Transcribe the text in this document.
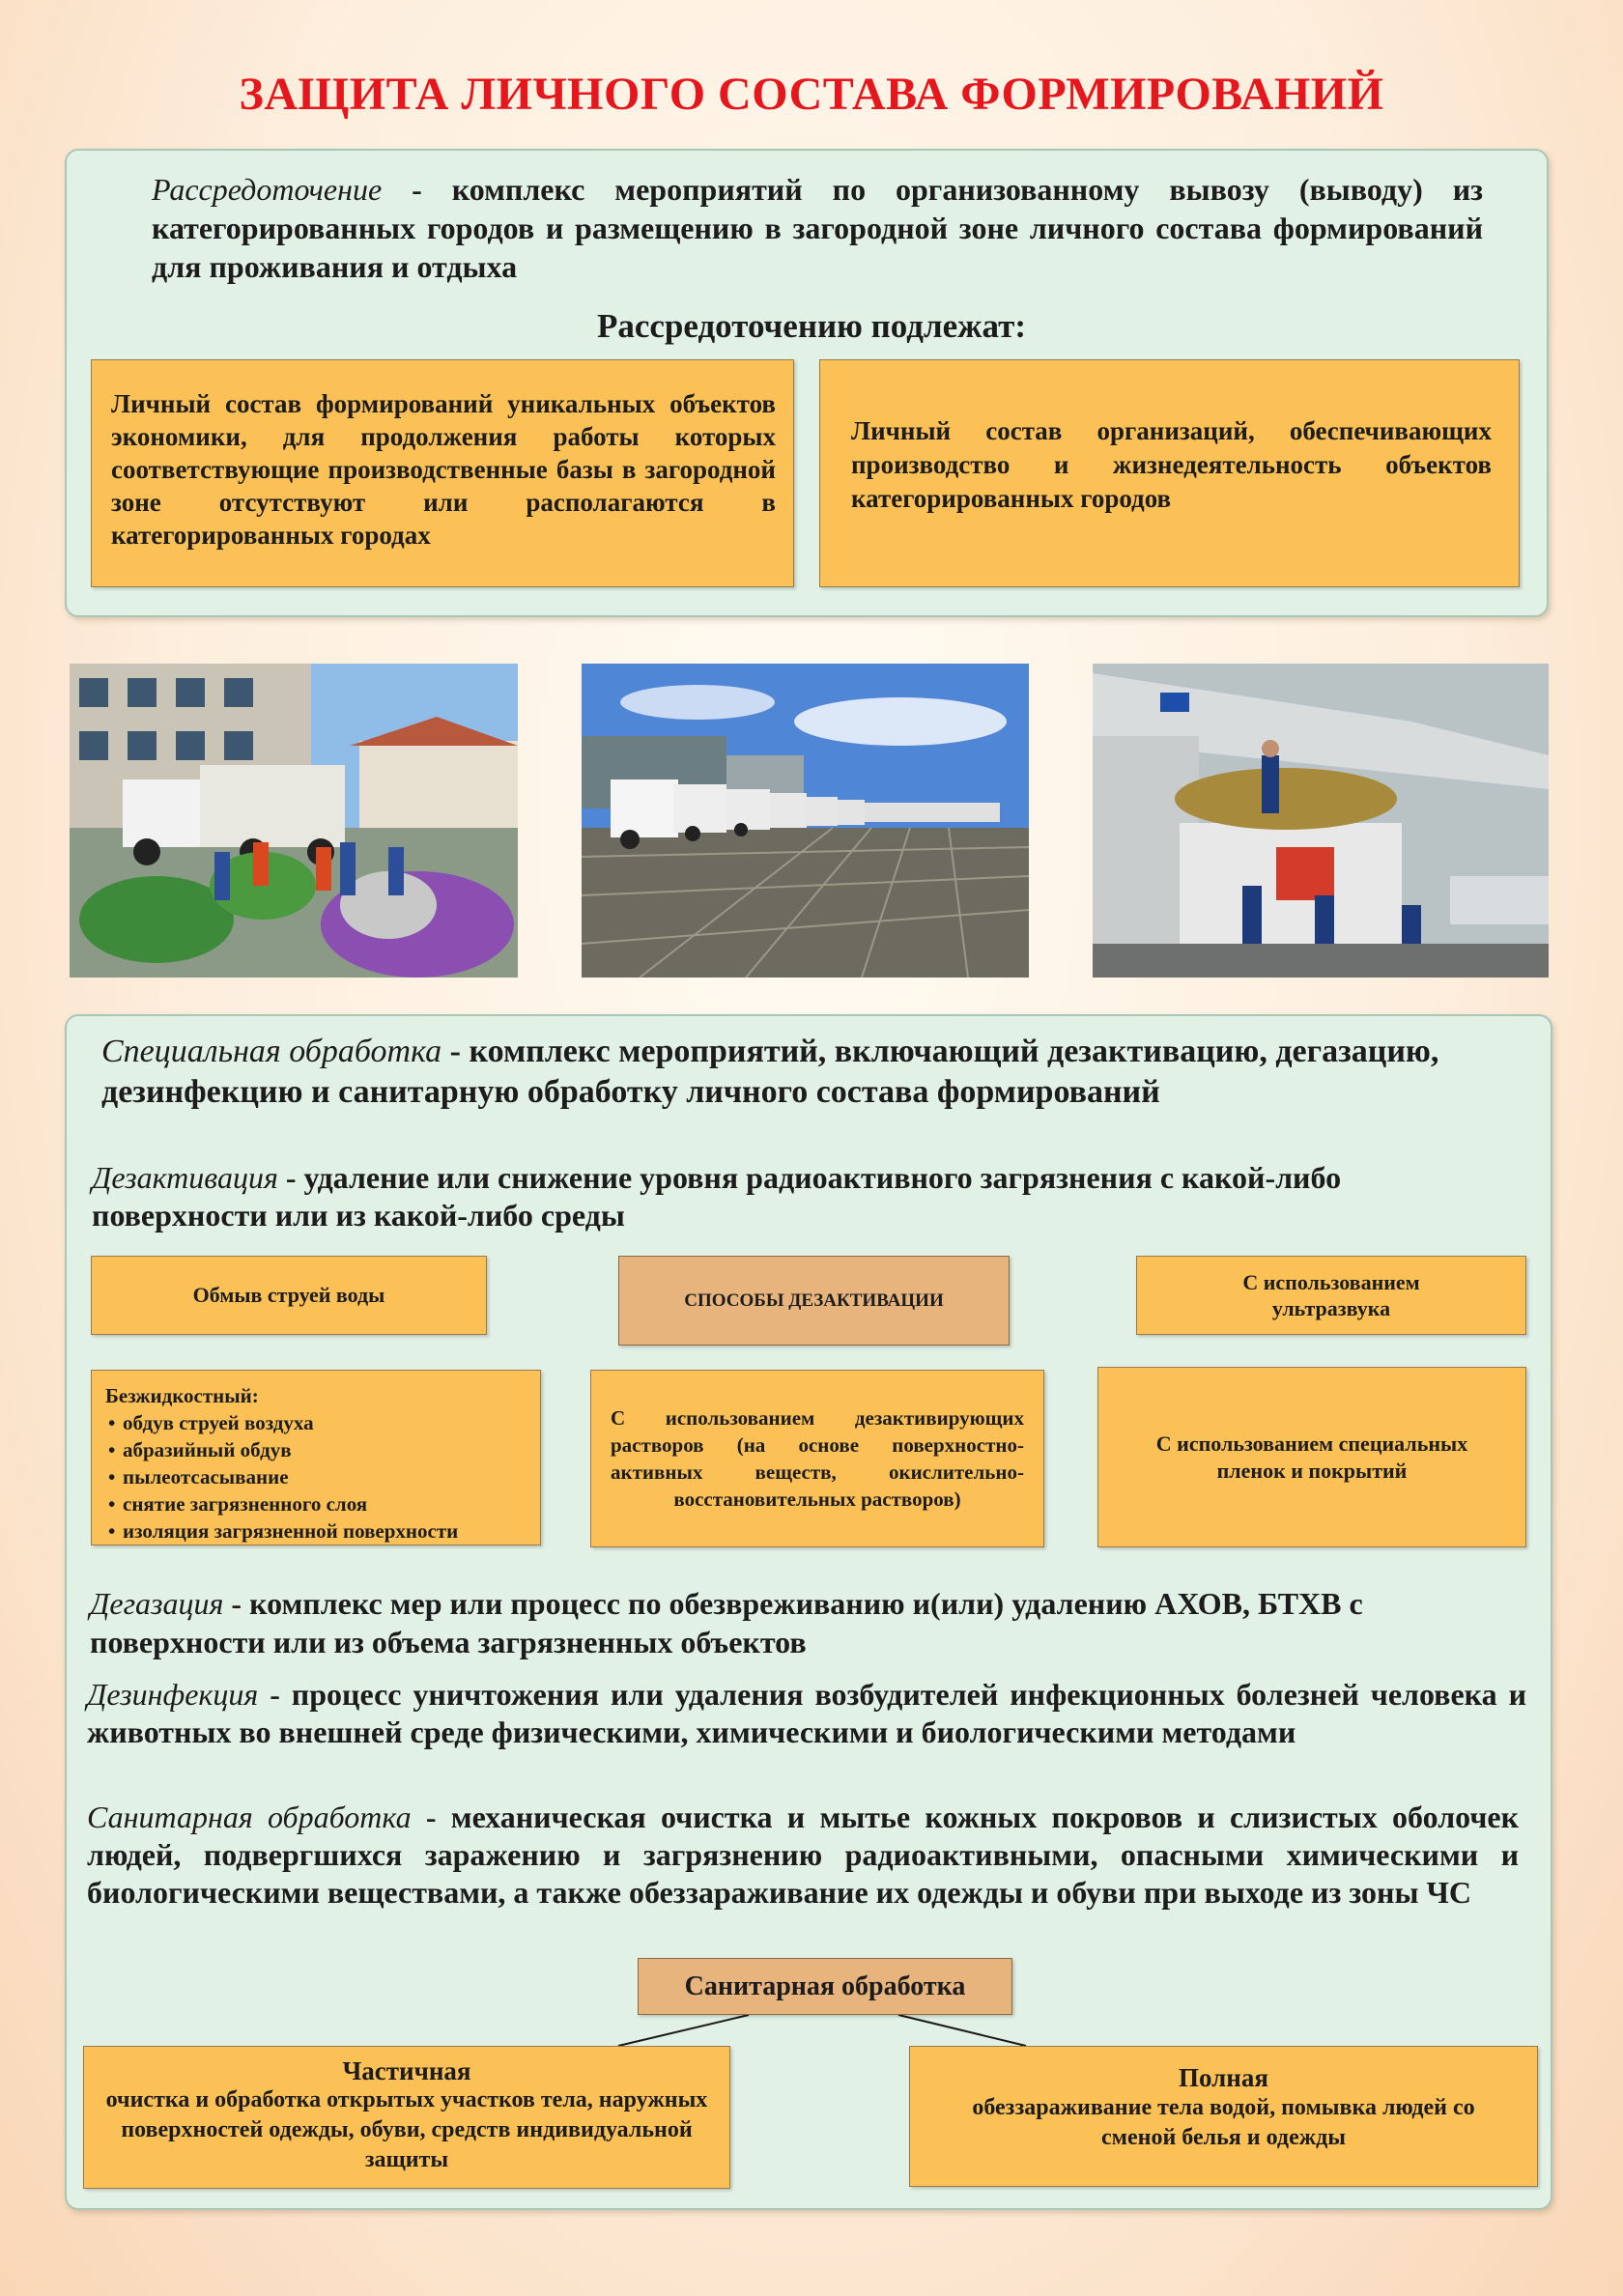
ЗАЩИТА ЛИЧНОГО СОСТАВА ФОРМИРОВАНИЙ
Рассредоточение - комплекс мероприятий по организованному вывозу (выводу) из категорированных городов и размещению в загородной зоне личного состава формирований для проживания и отдыха
Рассредоточению подлежат:
Личный состав формирований уникальных объектов экономики, для продолжения работы которых соответствующие производственные базы в загородной зоне отсутствуют или располагаются в категорированных городах
Личный состав организаций, обеспечивающих производство и жизнедеятельность объектов категорированных городов
Специальная обработка - комплекс мероприятий, включающий дезактивацию, дегазацию, дезинфекцию и санитарную обработку личного состава формирований
Дезактивация - удаление или снижение уровня радиоактивного загрязнения с какой-либо поверхности или из какой-либо среды
Обмыв струей воды	СПОСОБЫ ДЕЗАКТИВАЦИИ
С использованием ультразвука
Безжидкостный:
• обдув струей воздуха
• абразийный обдув
• пылеотсасывание
• снятие загрязненного слоя
• изоляция загрязненной поверхности
С использованием дезактивирующих растворов (на основе поверхностно-активных веществ, окислительно-восстановительных растворов)
С использованием специальных пленок и покрытий
Дегазация - комплекс мер или процесс по обезвреживанию и(или) удалению АХОВ, БТХВ с поверхности или из объема загрязненных объектов
Дезинфекция - процесс уничтожения или удаления возбудителей инфекционных болезней человека и животных во внешней среде физическими, химическими и биологическими методами
Санитарная обработка - механическая очистка и мытье кожных покровов и слизистых оболочек людей, подвергшихся заражению и загрязнению радиоактивными, опасными химическими и биологическими веществами, а также обеззараживание их одежды и обуви при выходе из зоны ЧС
Санитарная обработка
Частичная
очистка и обработка открытых участков тела, наружных поверхностей одежды, обуви, средств индивидуальной защиты
Полная
обеззараживание тела водой, помывка людей со сменой белья и одежды
